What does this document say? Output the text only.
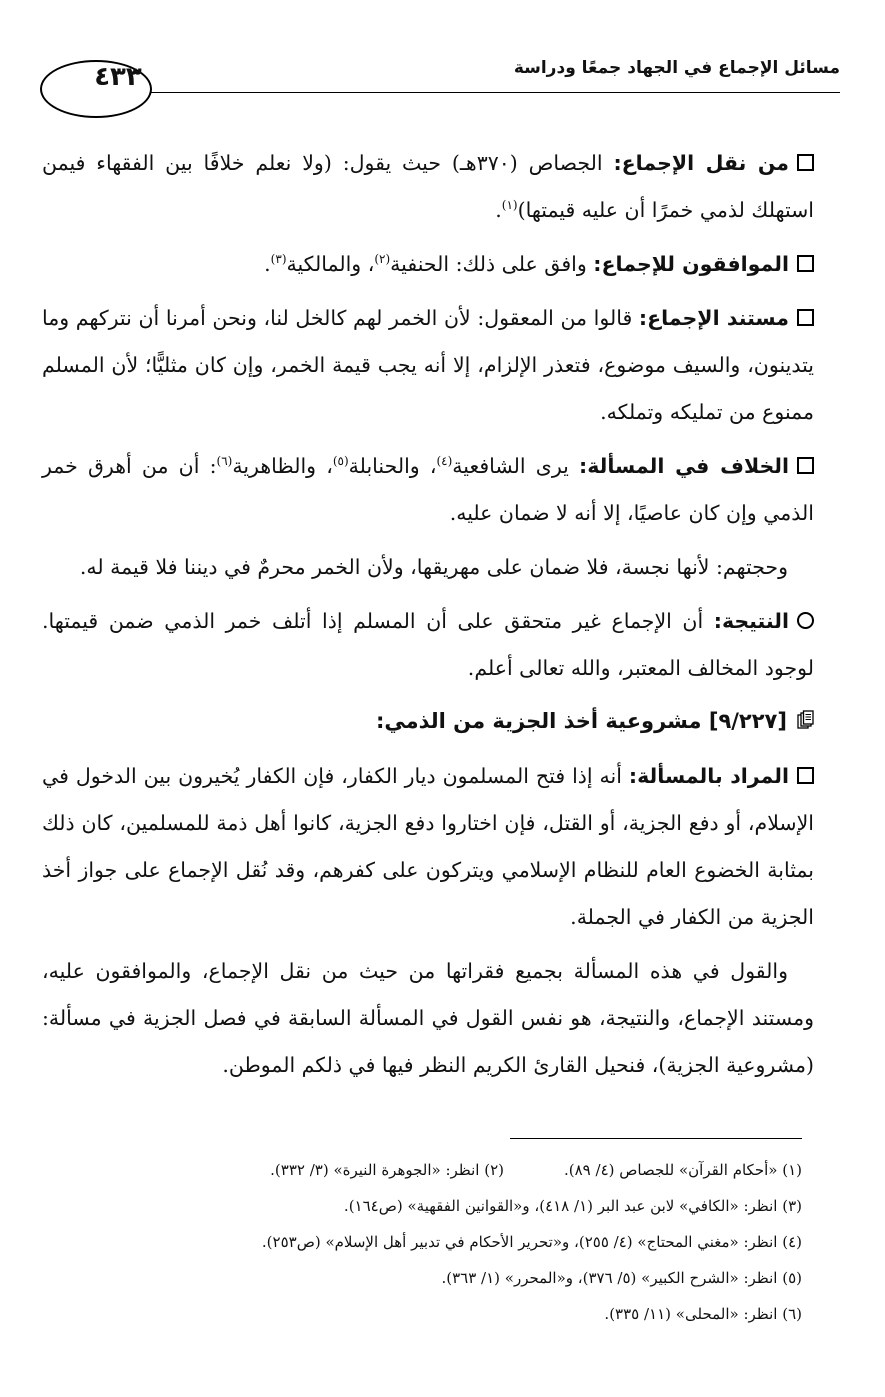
٤٣٣	مسائل الإجماع في الجهاد جمعًا ودراسة

من نقل الإجماع: الجصاص (٣٧٠هـ) حيث يقول: (ولا نعلم خلافًا بين الفقهاء فيمن استهلك لذمي خمرًا أن عليه قيمتها)$^{(١)}$.

الموافقون للإجماع: وافق على ذلك: الحنفية$^{(٢)}$، والمالكية$^{(٣)}$.

مستند الإجماع: قالوا من المعقول: لأن الخمر لهم كالخل لنا، ونحن أمرنا أن نتركهم وما يتدينون، والسيف موضوع، فتعذر الإلزام، إلا أنه يجب قيمة الخمر، وإن كان مثليًّا؛ لأن المسلم ممنوع من تمليكه وتملكه.

الخلاف في المسألة: يرى الشافعية$^{(٤)}$، والحنابلة$^{(٥)}$، والظاهرية$^{(٦)}$: أن من أهرق خمر الذمي وإن كان عاصيًا، إلا أنه لا ضمان عليه.

وحجتهم: لأنها نجسة، فلا ضمان على مهريقها، ولأن الخمر محرمٌ في ديننا فلا قيمة له.

النتيجة: أن الإجماع غير متحقق على أن المسلم إذا أتلف خمر الذمي ضمن قيمتها. لوجود المخالف المعتبر، والله تعالى أعلم.

[٩/٢٢٧] مشروعية أخذ الجزية من الذمي:

المراد بالمسألة: أنه إذا فتح المسلمون ديار الكفار، فإن الكفار يُخيرون بين الدخول في الإسلام، أو دفع الجزية، أو القتل، فإن اختاروا دفع الجزية، كانوا أهل ذمة للمسلمين، كان ذلك بمثابة الخضوع العام للنظام الإسلامي ويتركون على كفرهم، وقد نُقل الإجماع على جواز أخذ الجزية من الكفار في الجملة.

والقول في هذه المسألة بجميع فقراتها من حيث من نقل الإجماع، والموافقون عليه، ومستند الإجماع، والنتيجة، هو نفس القول في المسألة السابقة في فصل الجزية في مسألة: (مشروعية الجزية)، فنحيل القارئ الكريم النظر فيها في ذلكم الموطن.

(١) «أحكام القرآن» للجصاص (٤/ ٨٩).(٢) انظر: «الجوهرة النيرة» (٣/ ٣٣٢).
(٣) انظر: «الكافي» لابن عبد البر (١/ ٤١٨)، و«القوانين الفقهية» (ص١٦٤).
(٤) انظر: «مغني المحتاج» (٤/ ٢٥٥)، و«تحرير الأحكام في تدبير أهل الإسلام» (ص٢٥٣).
(٥) انظر: «الشرح الكبير» (٥/ ٣٧٦)، و«المحرر» (١/ ٣٦٣).
(٦) انظر: «المحلى» (١١/ ٣٣٥).
